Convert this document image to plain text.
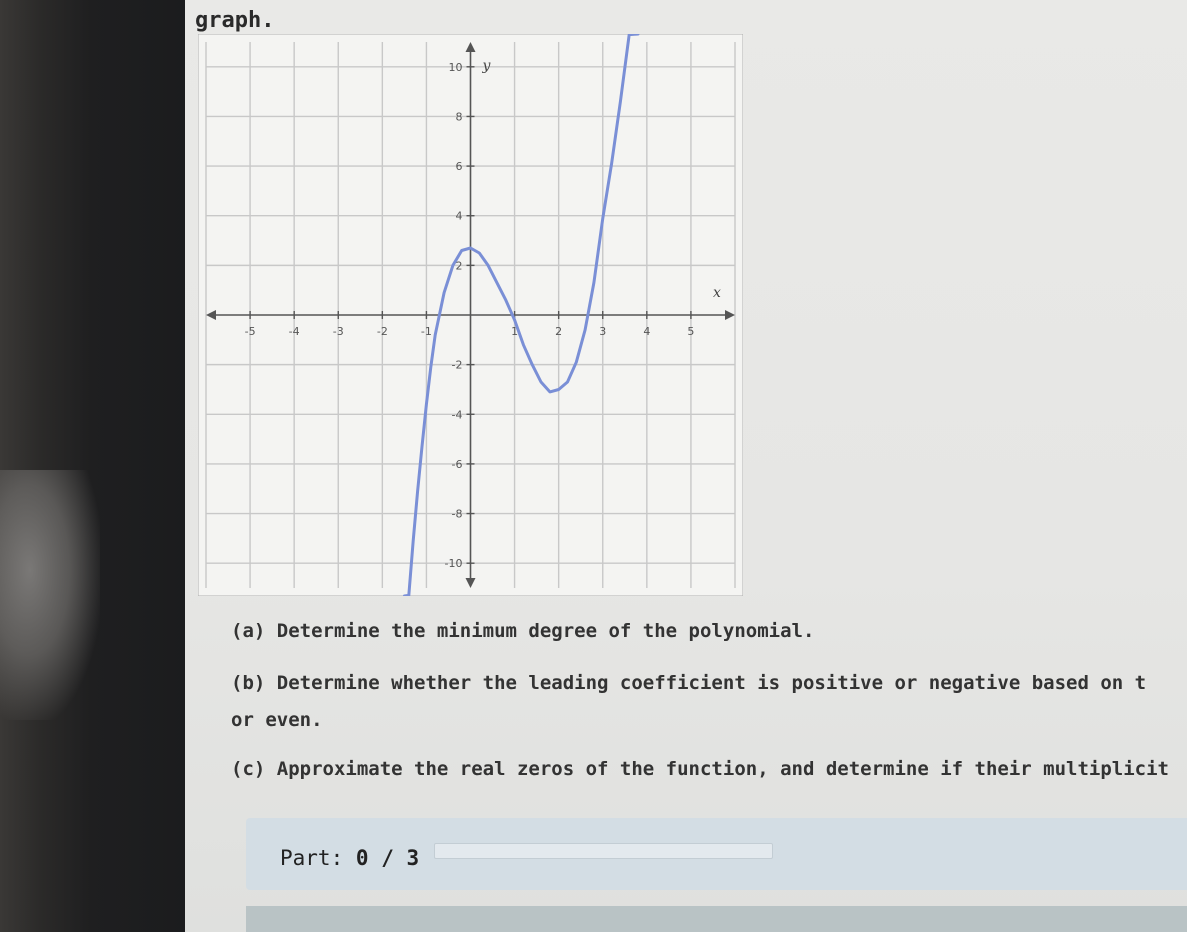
graph.
y
x
10
8
6
4
2
-2
-4
-6
-8
-10
-5	-4	-3	-2	-1	1	2	3	4	5
(a) Determine the minimum degree of the polynomial.
(b) Determine whether the leading coefficient is positive or negative based on t
or even.
(c) Approximate the real zeros of the function, and determine if their multiplicit
Part: 0 / 3
